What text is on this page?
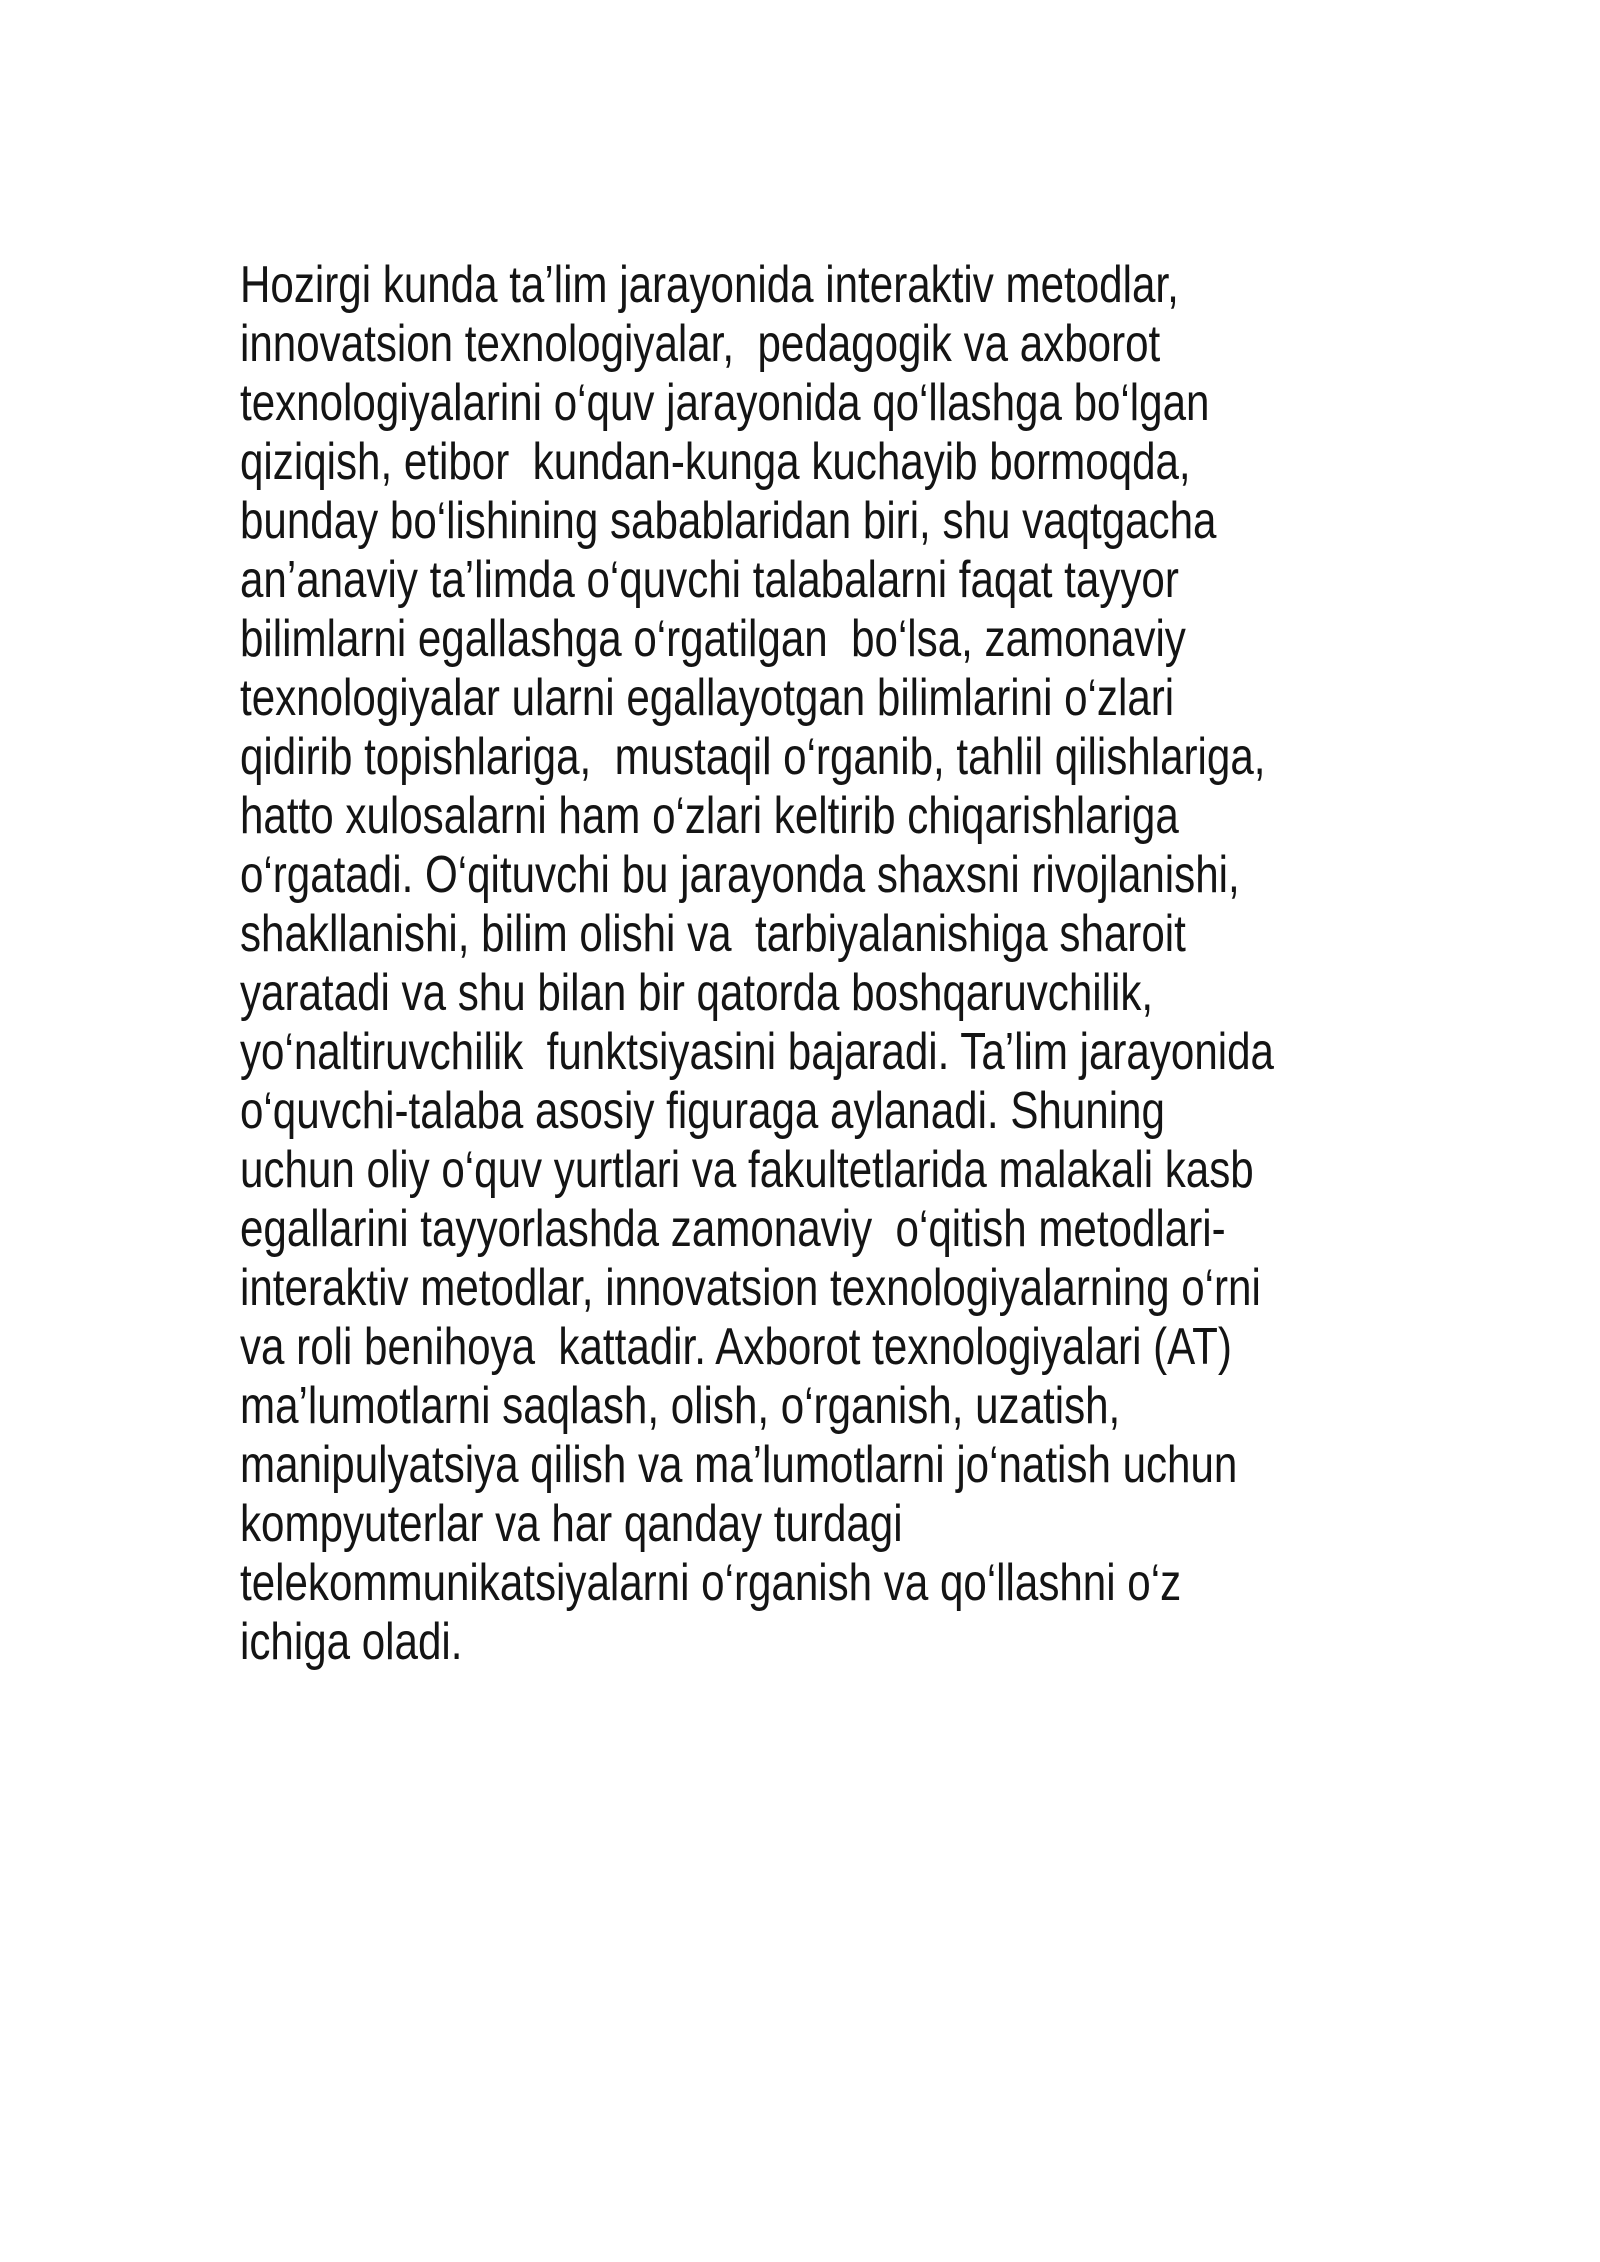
Hozirgi kunda ta’lim jarayonida interaktiv metodlar,
innovatsion texnologiyalar,  pedagogik va axborot
texnologiyalarini o‘quv jarayonida qo‘llashga bo‘lgan
qiziqish, etibor  kundan-kunga kuchayib bormoqda,
bunday bo‘lishining sabablaridan biri, shu vaqtgacha
an’anaviy ta’limda o‘quvchi talabalarni faqat tayyor
bilimlarni egallashga o‘rgatilgan  bo‘lsa, zamonaviy
texnologiyalar ularni egallayotgan bilimlarini o‘zlari
qidirib topishlariga,  mustaqil o‘rganib, tahlil qilishlariga,
hatto xulosalarni ham o‘zlari keltirib chiqarishlariga
o‘rgatadi. O‘qituvchi bu jarayonda shaxsni rivojlanishi,
shakllanishi, bilim olishi va  tarbiyalanishiga sharoit
yaratadi va shu bilan bir qatorda boshqaruvchilik,
yo‘naltiruvchilik  funktsiyasini bajaradi. Ta’lim jarayonida
o‘quvchi-talaba asosiy figuraga aylanadi. Shuning
uchun oliy o‘quv yurtlari va fakultetlarida malakali kasb
egallarini tayyorlashda zamonaviy  o‘qitish metodlari-
interaktiv metodlar, innovatsion texnologiyalarning o‘rni
va roli benihoya  kattadir. Axborot texnologiyalari (AT)
ma’lumotlarni saqlash, olish, o‘rganish, uzatish,
manipulyatsiya qilish va ma’lumotlarni jo‘natish uchun
kompyuterlar va har qanday turdagi
telekommunikatsiyalarni o‘rganish va qo‘llashni o‘z
ichiga oladi.
